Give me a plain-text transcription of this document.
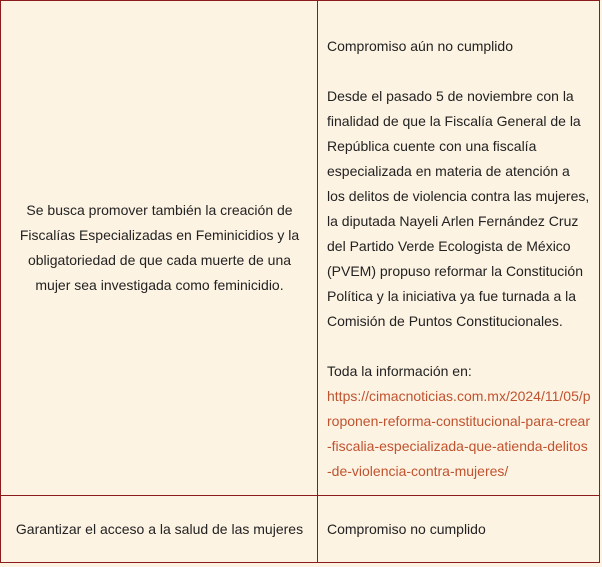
Se busca promover también la creación de Fiscalías Especializadas en Feminicidios y la obligatoriedad de que cada muerte de una mujer sea investigada como feminicidio.	Compromiso aún no cumplido

Desde el pasado 5 de noviembre con la finalidad de que la Fiscalía General de la República cuente con una fiscalía especializada en materia de atención a los delitos de violencia contra las mujeres, la diputada Nayeli Arlen Fernández Cruz del Partido Verde Ecologista de México (PVEM) propuso reformar la Constitución Política y la iniciativa ya fue turnada a la Comisión de Puntos Constitucionales.

Toda la información en:

https://cimacnoticias.com.mx/2024/11/05/proponen-reforma-constitucional-para-crear-fiscalia-especializada-que-atienda-delitos-de-violencia-contra-mujeres/

Garantizar el acceso a la salud de las mujeres	Compromiso no cumplido
